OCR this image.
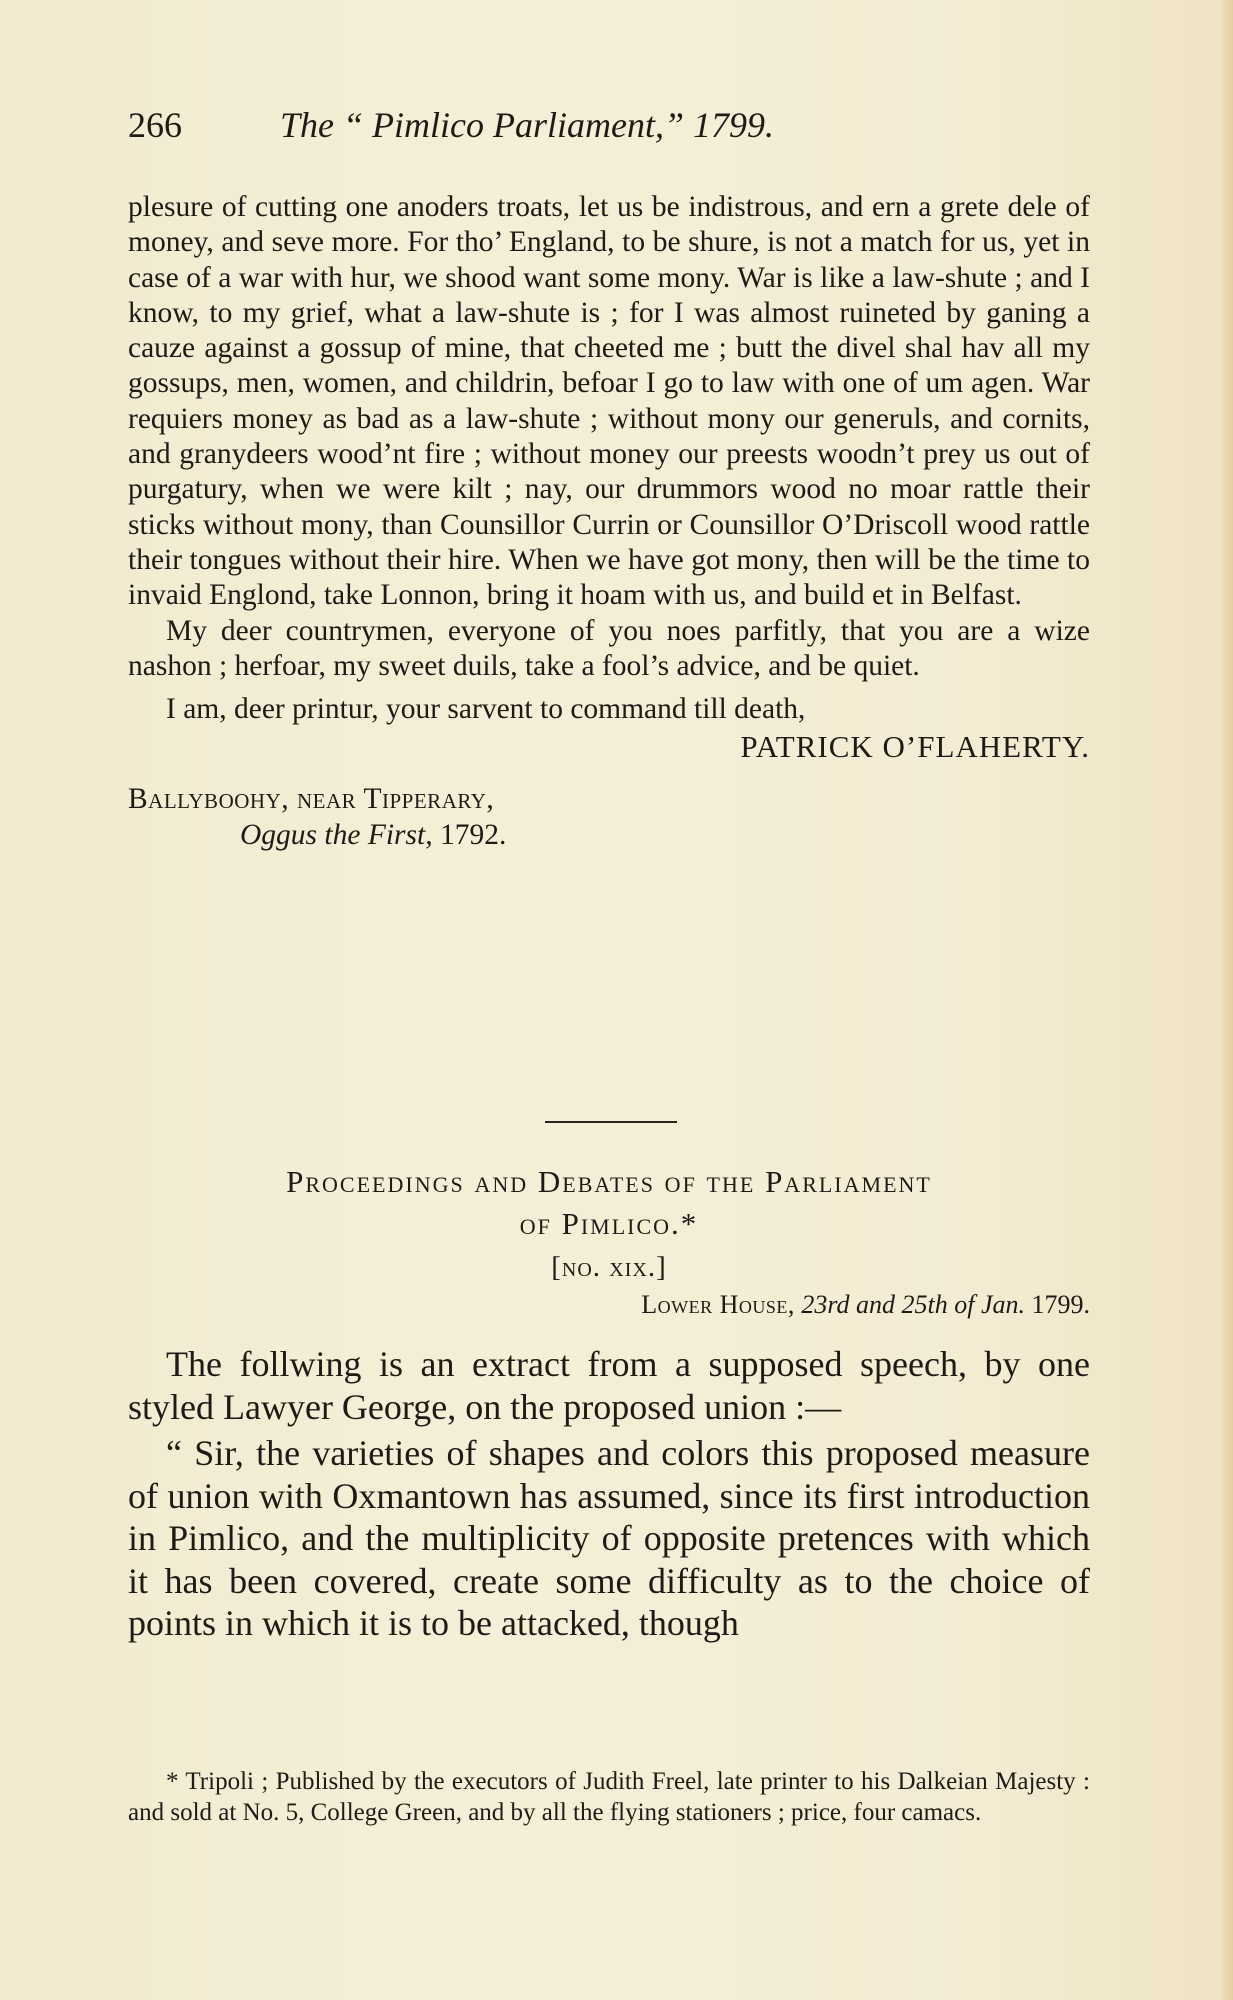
266	The “ Pimlico Parliament,” 1799.

plesure of cutting one anoders troats, let us be indistrous, and ern a grete dele of money, and seve more. For tho’ England, to be shure, is not a match for us, yet in case of a war with hur, we shood want some mony. War is like a law-shute ; and I know, to my grief, what a law-shute is ; for I was almost ruineted by ganing a cauze against a gossup of mine, that cheeted me ; butt the divel shal hav all my gossups, men, women, and childrin, befoar I go to law with one of um agen. War requiers money as bad as a law-shute ; without mony our generuls, and cornits, and granydeers wood’nt fire ; without money our preests woodn’t prey us out of purgatury, when we were kilt ; nay, our drummors wood no moar rattle their sticks without mony, than Counsillor Currin or Counsillor O’Driscoll wood rattle their tongues without their hire. When we have got mony, then will be the time to invaid Englond, take Lonnon, bring it hoam with us, and build et in Belfast.

My deer countrymen, everyone of you noes parfitly, that you are a wize nashon ; herfoar, my sweet duils, take a fool’s advice, and be quiet.

I am, deer printur, your sarvent to command till death,

PATRICK O’FLAHERTY.
Ballyboohy, near Tipperary,
Oggus the First, 1792.
Proceedings and Debates of the Parliament
of Pimlico.*
[no. xix.]
Lower House, 23rd and 25th of Jan. 1799.

The follwing is an extract from a supposed speech, by one styled Lawyer George, on the proposed union :—

“ Sir, the varieties of shapes and colors this proposed measure of union with Oxmantown has assumed, since its first introduction in Pimlico, and the multiplicity of opposite pretences with which it has been covered, create some difficulty as to the choice of points in which it is to be attacked, though

* Tripoli ; Published by the executors of Judith Freel, late printer to his Dalkeian Majesty : and sold at No. 5, College Green, and by all the flying stationers ; price, four camacs.
